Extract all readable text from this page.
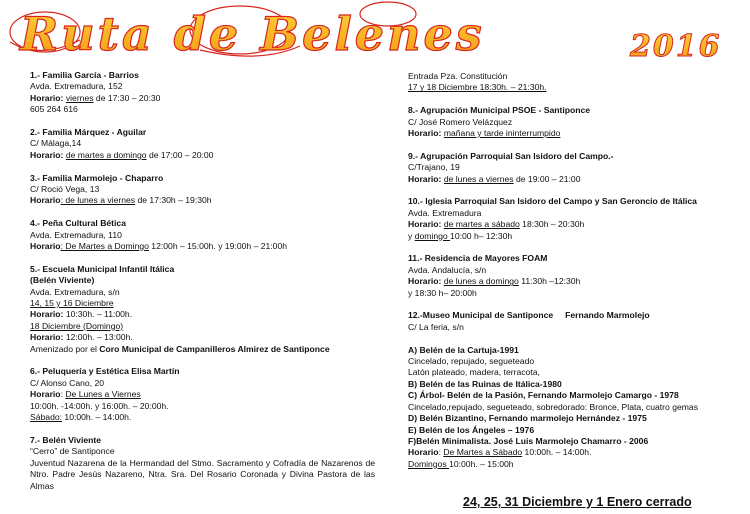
Ruta de Belenes	2016
1.- Familia García - Barrios
Avda. Extremadura, 152
Horario: viernes de 17:30 – 20:30
605 264 616
2.- Familia Márquez - Aguilar
C/ Málaga,14
Horario: de martes a domingo de 17:00 – 20:00
3.- Familia Marmolejo - Chaparro
C/ Roció Vega, 13
Horario: de lunes a viernes de 17:30h – 19:30h
4.- Peña Cultural Bética
Avda. Extremadura, 110
Horario: De Martes a Domingo 12:00h – 15:00h. y 19:00h – 21:00h
5.- Escuela Municipal Infantil Itálica
(Belén Viviente)
Avda. Extremadura, s/n
14, 15 y 16 Diciembre
Horario: 10:30h. – 11:00h.
18 Diciembre (Domingo)
Horario: 12:00h. – 13:00h.
Amenizado por el Coro Municipal de Campanilleros Almirez de Santiponce
6.- Peluquería y Estética Elisa Martín
C/ Alonso Cano, 20
Horario: De Lunes a Viernes
10:00h. -14:00h. y 16:00h. – 20:00h.
Sábado: 10:00h. – 14:00h.
7.- Belén Viviente
“Cerro” de Santiponce
Juventud Nazarena de la Hermandad del Stmo. Sacramento y Cofradía de Nazarenos de Ntro. Padre Jesús Nazareno, Ntra. Sra. Del Rosario Coronada y Divina Pastora de las Almas
Entrada Pza. Constitución
17 y 18 Diciembre 18:30h. – 21:30h.
8.- Agrupación Municipal PSOE - Santiponce
C/ José Romero Velázquez
Horario: mañana y tarde ininterrumpido
9.- Agrupación Parroquial San Isidoro del Campo.-
C/Trajano, 19
Horario: de lunes a viernes de 19:00 – 21:00
10.- Iglesia Parroquial San Isidoro del Campo y San Geroncio de Itálica
Avda. Extremadura
Horario: de martes a sábado 18:30h – 20:30h
y domingo 10:00 h– 12:30h
11.- Residencia de Mayores FOAM
Avda. Andalucía, s/n
Horario: de lunes a domingo 11:30h –12:30h
y 18:30 h– 20:00h
12.-Museo Municipal de Santiponce     Fernando Marmolejo
C/ La feria, s/n
A) Belén de la Cartuja-1991
Cincelado, repujado, segueteado
Latón plateado, madera, terracota,
B) Belén de las Ruinas de Itálica-1980
C) Árbol- Belén de la Pasión, Fernando Marmolejo Camargo - 1978
Cincelado,repujado, segueteado, sobredorado: Bronce, Plata, cuatro gemas
D) Belén Bizantino, Fernando marmolejo Hernández - 1975
E) Belén de los Ángeles – 1976
F)Belén Minimalista. José Luis Marmolejo Chamarro - 2006
Horario: De Martes a Sábado 10:00h. – 14:00h.
Domingos 10:00h. – 15:00h
24, 25, 31 Diciembre y 1 Enero cerrado
